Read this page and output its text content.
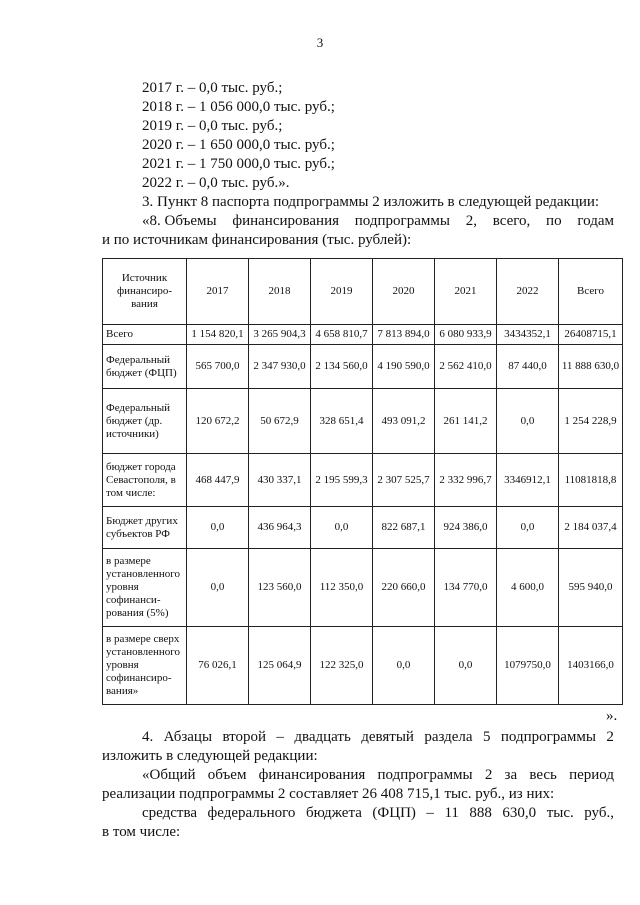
3
2017 г. – 0,0 тыс. руб.;
2018 г. – 1 056 000,0 тыс. руб.;
2019 г. – 0,0 тыс. руб.;
2020 г. – 1 650 000,0 тыс. руб.;
2021 г. – 1 750 000,0 тыс. руб.;
2022 г. – 0,0 тыс. руб.».
3. Пункт 8 паспорта подпрограммы 2 изложить в следующей редакции:
«8. Объемы финансирования подпрограммы 2, всего, по годам
и по источникам финансирования (тыс. рублей):
Источник финансиро-вания	2017	2018	2019	2020	2021	2022	Всего
Всего	1 154 820,1	3 265 904,3	4 658 810,7	7 813 894,0	6 080 933,9	3434352,1	26408715,1
Федеральный бюджет (ФЦП)	565 700,0	2 347 930,0	2 134 560,0	4 190 590,0	2 562 410,0	87 440,0	11 888 630,0
Федеральный бюджет (др. источники)	120 672,2	50 672,9	328 651,4	493 091,2	261 141,2	0,0	1 254 228,9
бюджет города Севастополя, в том числе:	468 447,9	430 337,1	2 195 599,3	2 307 525,7	2 332 996,7	3346912,1	11081818,8
Бюджет других субъектов РФ	0,0	436 964,3	0,0	822 687,1	924 386,0	0,0	2 184 037,4
в размере установленного уровня софинанси-рования (5%)	0,0	123 560,0	112 350,0	220 660,0	134 770,0	4 600,0	595 940,0
в размере сверх установленного уровня софинансиро-вания»	76 026,1	125 064,9	122 325,0	0,0	0,0	1079750,0	1403166,0
».
4. Абзацы второй – двадцать девятый раздела 5 подпрограммы 2
изложить в следующей редакции:
«Общий объем финансирования подпрограммы 2 за весь период
реализации подпрограммы 2 составляет 26 408 715,1 тыс. руб., из них:
средства федерального бюджета (ФЦП) – 11 888 630,0 тыс. руб.,
в том числе:
